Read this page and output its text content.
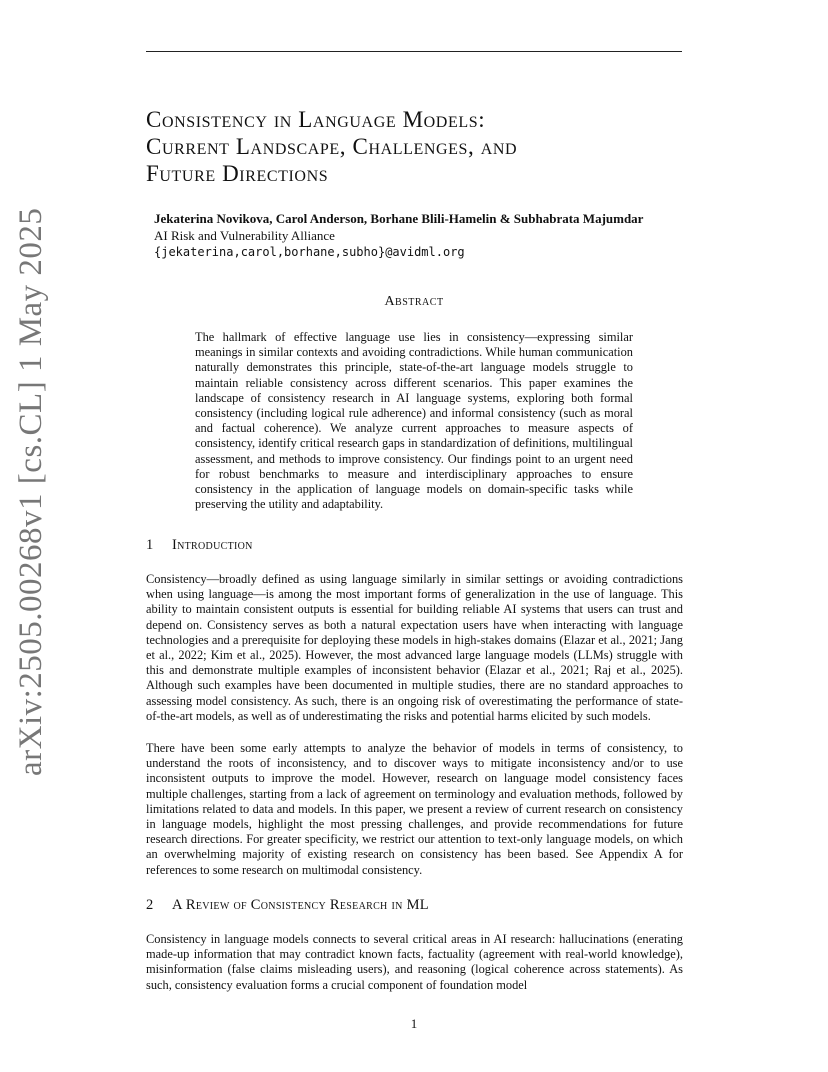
arXiv:2505.00268v1 [cs.CL] 1 May 2025
Consistency in Language Models:
Current Landscape, Challenges, and
Future Directions
Jekaterina Novikova, Carol Anderson, Borhane Blili-Hamelin & Subhabrata Majumdar
AI Risk and Vulnerability Alliance
{jekaterina,carol,borhane,subho}@avidml.org
Abstract

The hallmark of effective language use lies in consistency—expressing similar meanings in similar contexts and avoiding contradictions. While human communication naturally demonstrates this principle, state-of-the-art language models struggle to maintain reliable consistency across different scenarios. This paper examines the landscape of consistency research in AI language systems, exploring both formal consistency (including logical rule adherence) and informal consistency (such as moral and factual coherence). We analyze current approaches to measure aspects of consistency, identify critical research gaps in standardization of definitions, multilingual assessment, and methods to improve consistency. Our findings point to an urgent need for robust benchmarks to measure and interdisciplinary approaches to ensure consistency in the application of language models on domain-specific tasks while preserving the utility and adaptability.

1 Introduction

Consistency—broadly defined as using language similarly in similar settings or avoiding contradictions when using language—is among the most important forms of generalization in the use of language. This ability to maintain consistent outputs is essential for building reliable AI systems that users can trust and depend on. Consistency serves as both a natural expectation users have when interacting with language technologies and a prerequisite for deploying these models in high-stakes domains (Elazar et al., 2021; Jang et al., 2022; Kim et al., 2025). However, the most advanced large language models (LLMs) struggle with this and demonstrate multiple examples of inconsistent behavior (Elazar et al., 2021; Raj et al., 2025). Although such examples have been documented in multiple studies, there are no standard approaches to assessing model consistency. As such, there is an ongoing risk of overestimating the performance of state-of-the-art models, as well as of underestimating the risks and potential harms elicited by such models.

There have been some early attempts to analyze the behavior of models in terms of consistency, to understand the roots of inconsistency, and to discover ways to mitigate inconsistency and/or to use inconsistent outputs to improve the model. However, research on language model consistency faces multiple challenges, starting from a lack of agreement on terminology and evaluation methods, followed by limitations related to data and models. In this paper, we present a review of current research on consistency in language models, highlight the most pressing challenges, and provide recommendations for future research directions. For greater specificity, we restrict our attention to text-only language models, on which an overwhelming majority of existing research on consistency has been based. See Appendix A for references to some research on multimodal consistency.

2 A Review of Consistency Research in ML

Consistency in language models connects to several critical areas in AI research: hallucinations (enerating made-up information that may contradict known facts, factuality (agreement with real-world knowledge), misinformation (false claims misleading users), and reasoning (logical coherence across statements). As such, consistency evaluation forms a crucial component of foundation model

1
